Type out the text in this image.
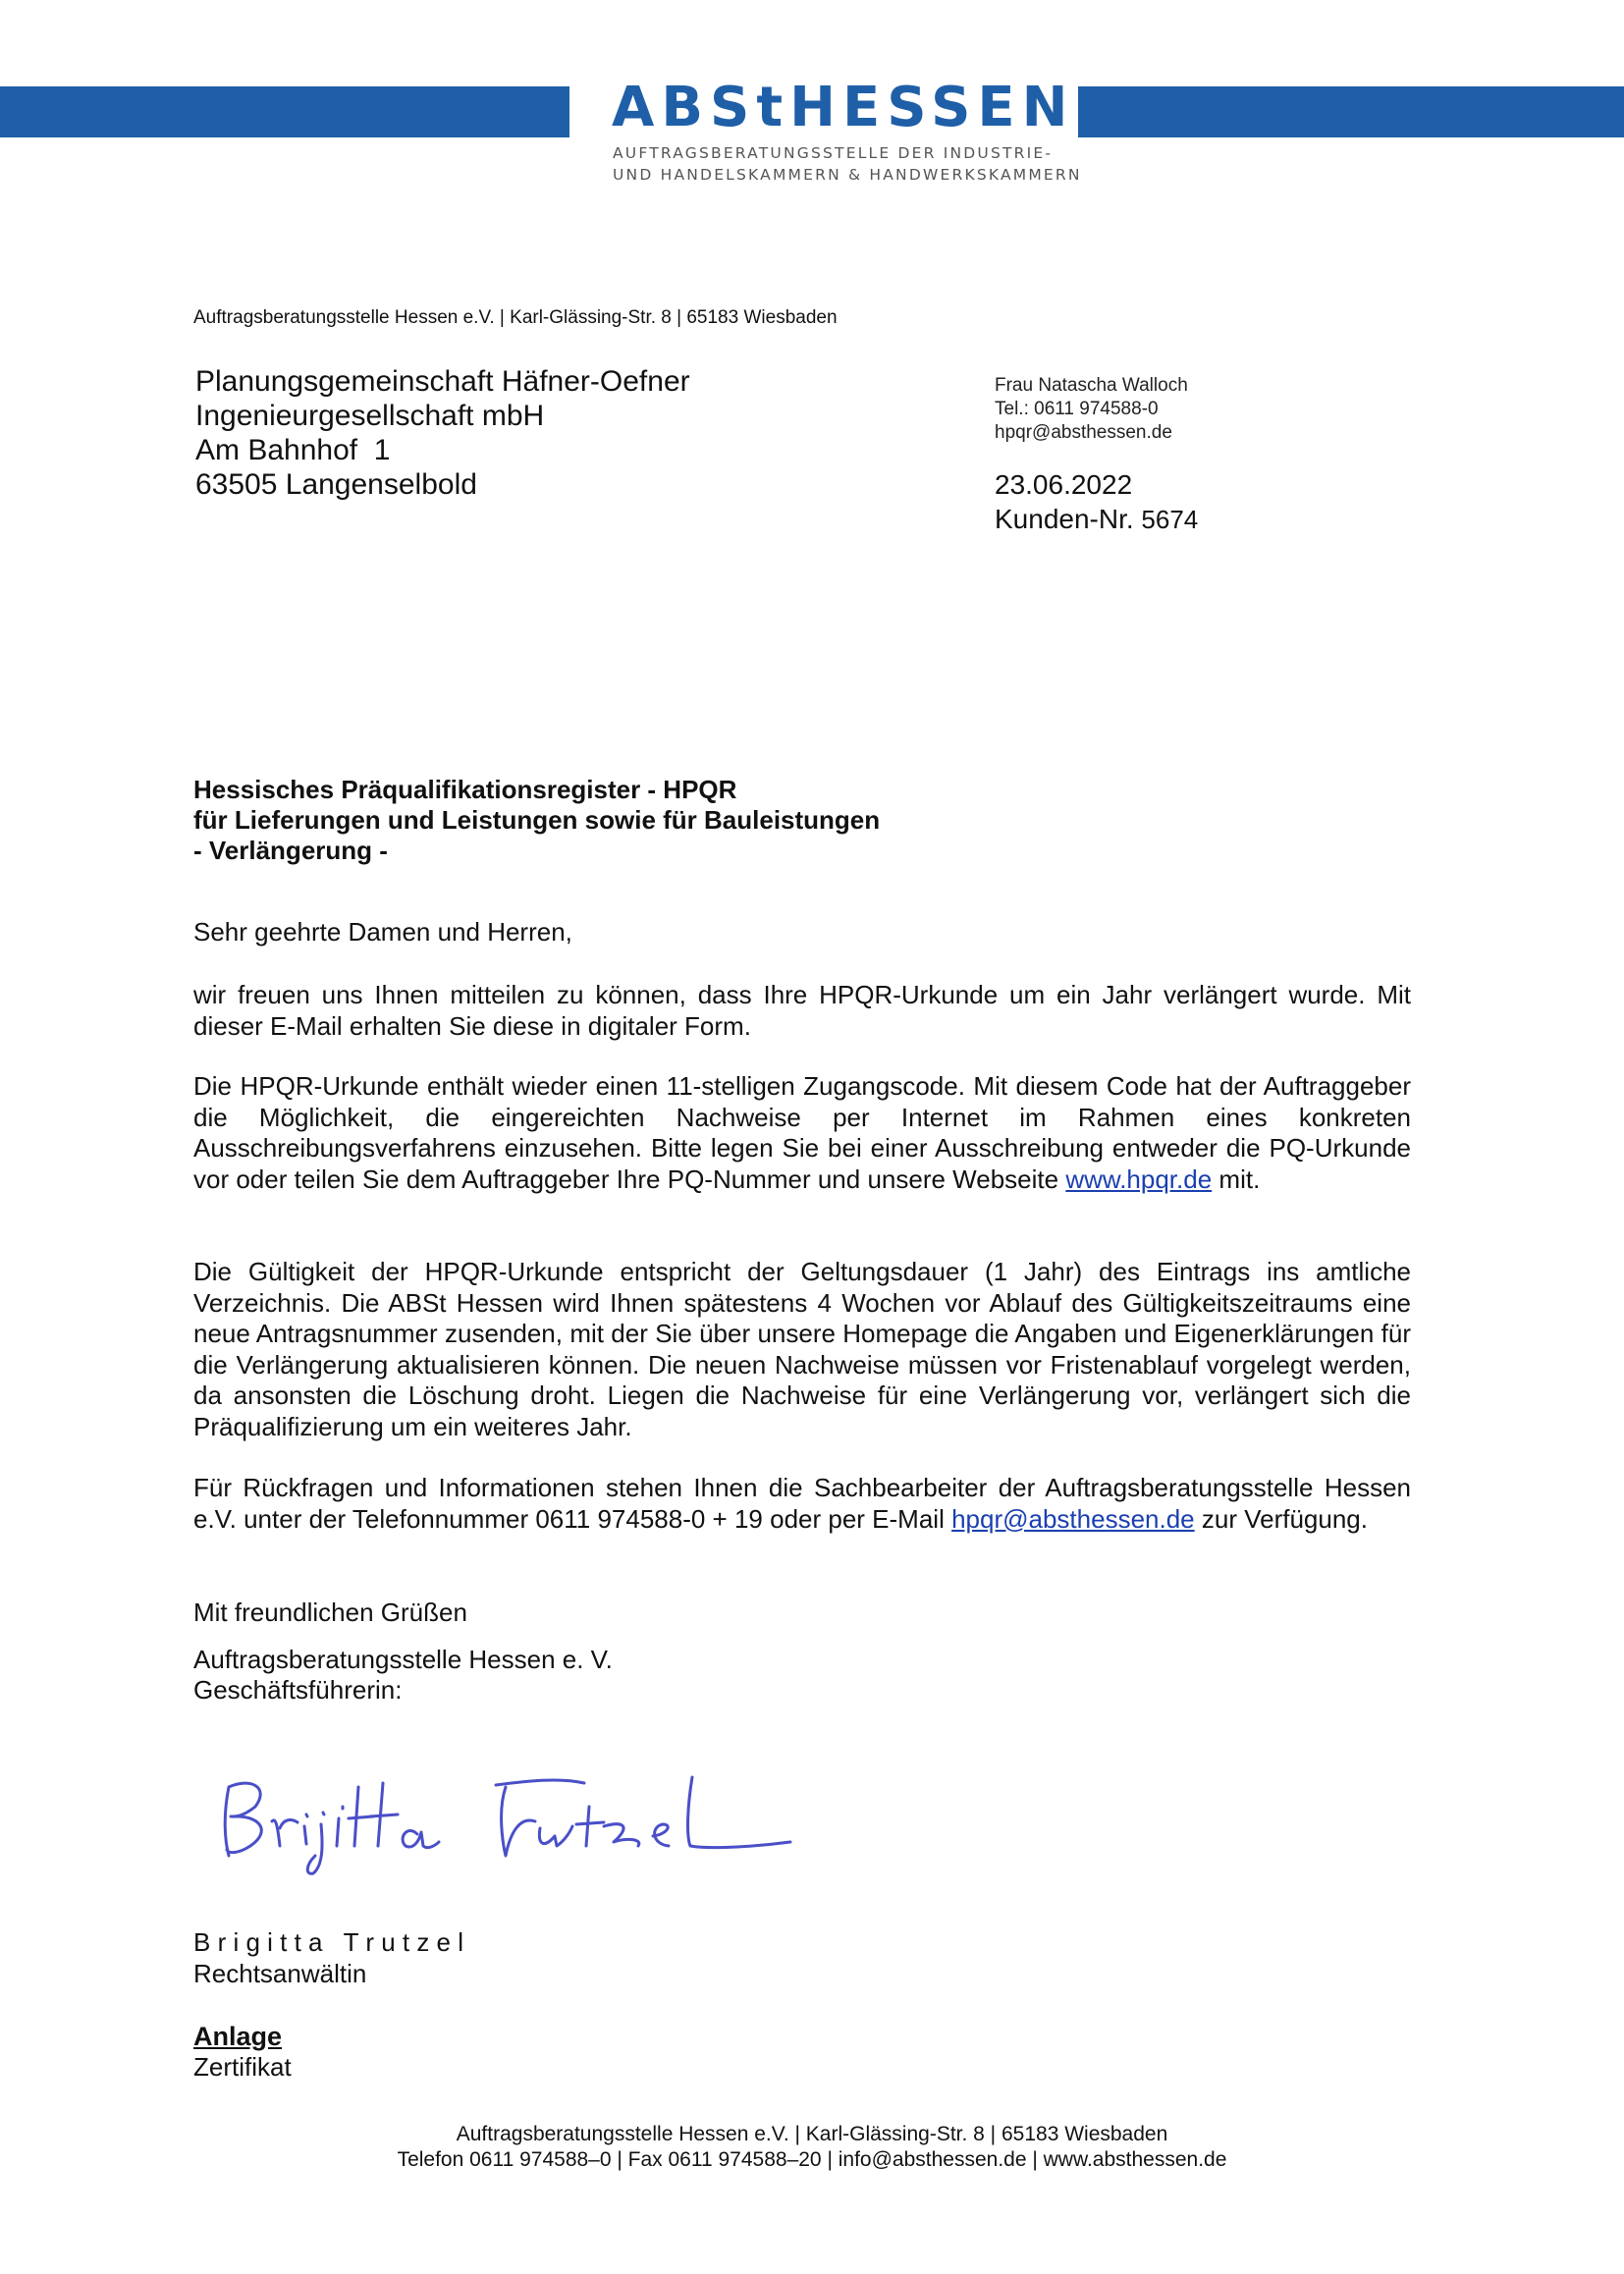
ABStHESSEN
AUFTRAGSBERATUNGSSTELLE DER INDUSTRIE-
UND HANDELSKAMMERN & HANDWERKSKAMMERN
Auftragsberatungsstelle Hessen e.V. | Karl-Glässing-Str. 8 | 65183 Wiesbaden
Planungsgemeinschaft Häfner-Oefner
Ingenieurgesellschaft mbH
Am Bahnhof  1
63505 Langenselbold
Frau Natascha Walloch
Tel.: 0611 974588-0
hpqr@absthessen.de
23.06.2022
Kunden-Nr. 5674
Hessisches Präqualifikationsregister - HPQR
für Lieferungen und Leistungen sowie für Bauleistungen
- Verlängerung -
Sehr geehrte Damen und Herren,
wir freuen uns Ihnen mitteilen zu können, dass Ihre HPQR-Urkunde um ein Jahr verlängert wurde. Mit dieser E-Mail erhalten Sie diese in digitaler Form.
Die HPQR-Urkunde enthält wieder einen 11-stelligen Zugangscode. Mit diesem Code hat der Auftraggeber die Möglichkeit, die eingereichten Nachweise per Internet im Rahmen eines konkreten Ausschreibungsverfahrens einzusehen. Bitte legen Sie bei einer Ausschreibung entweder die PQ-Urkunde vor oder teilen Sie dem Auftraggeber Ihre PQ-Nummer und unsere Webseite www.hpqr.de mit.
Die Gültigkeit der HPQR-Urkunde entspricht der Geltungsdauer (1 Jahr) des Eintrags ins amtliche Verzeichnis. Die ABSt Hessen wird Ihnen spätestens 4 Wochen vor Ablauf des Gültigkeitszeitraums eine neue Antragsnummer zusenden, mit der Sie über unsere Homepage die Angaben und Eigenerklärungen für die Verlängerung aktualisieren können. Die neuen Nachweise müssen vor Fristenablauf vorgelegt werden, da ansonsten die Löschung droht. Liegen die Nachweise für eine Verlängerung vor, verlängert sich die Präqualifizierung um ein weiteres Jahr.
Für Rückfragen und Informationen stehen Ihnen die Sachbearbeiter der Auftragsberatungsstelle Hessen e.V. unter der Telefonnummer 0611 974588-0 + 19 oder per E-Mail hpqr@absthessen.de zur Verfügung.
Mit freundlichen Grüßen
Auftragsberatungsstelle Hessen e. V.
Geschäftsführerin:
B r i g i t t a   T r u t z e l
Rechtsanwältin
Anlage
Zertifikat
Auftragsberatungsstelle Hessen e.V. | Karl-Glässing-Str. 8 | 65183 Wiesbaden
Telefon 0611 974588–0 | Fax 0611 974588–20 | info@absthessen.de | www.absthessen.de
